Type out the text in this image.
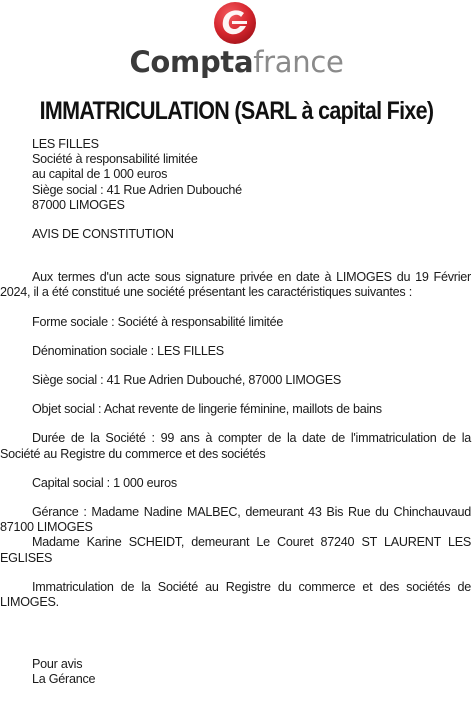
Comptafrance
IMMATRICULATION (SARL à capital Fixe)
LES FILLES
Société à responsabilité limitée
au capital de 1 000 euros
Siège social : 41 Rue Adrien Dubouché
87000 LIMOGES
AVIS DE CONSTITUTION
Aux termes d'un acte sous signature privée en date à LIMOGES du 19 Février 2024, il a été constitué une société présentant les caractéristiques suivantes :
Forme sociale : Société à responsabilité limitée
Dénomination sociale : LES FILLES
Siège social : 41 Rue Adrien Dubouché, 87000 LIMOGES
Objet social : Achat revente de lingerie féminine, maillots de bains
Durée de la Société : 99 ans à compter de la date de l'immatriculation de la Société au Registre du commerce et des sociétés
Capital social : 1 000 euros
Gérance : Madame Nadine MALBEC, demeurant 43 Bis Rue du Chinchauvaud 87100 LIMOGES
Madame Karine SCHEIDT, demeurant Le Couret 87240 ST LAURENT LES EGLISES
Immatriculation de la Société au Registre du commerce et des sociétés de LIMOGES.
Pour avis
La Gérance
